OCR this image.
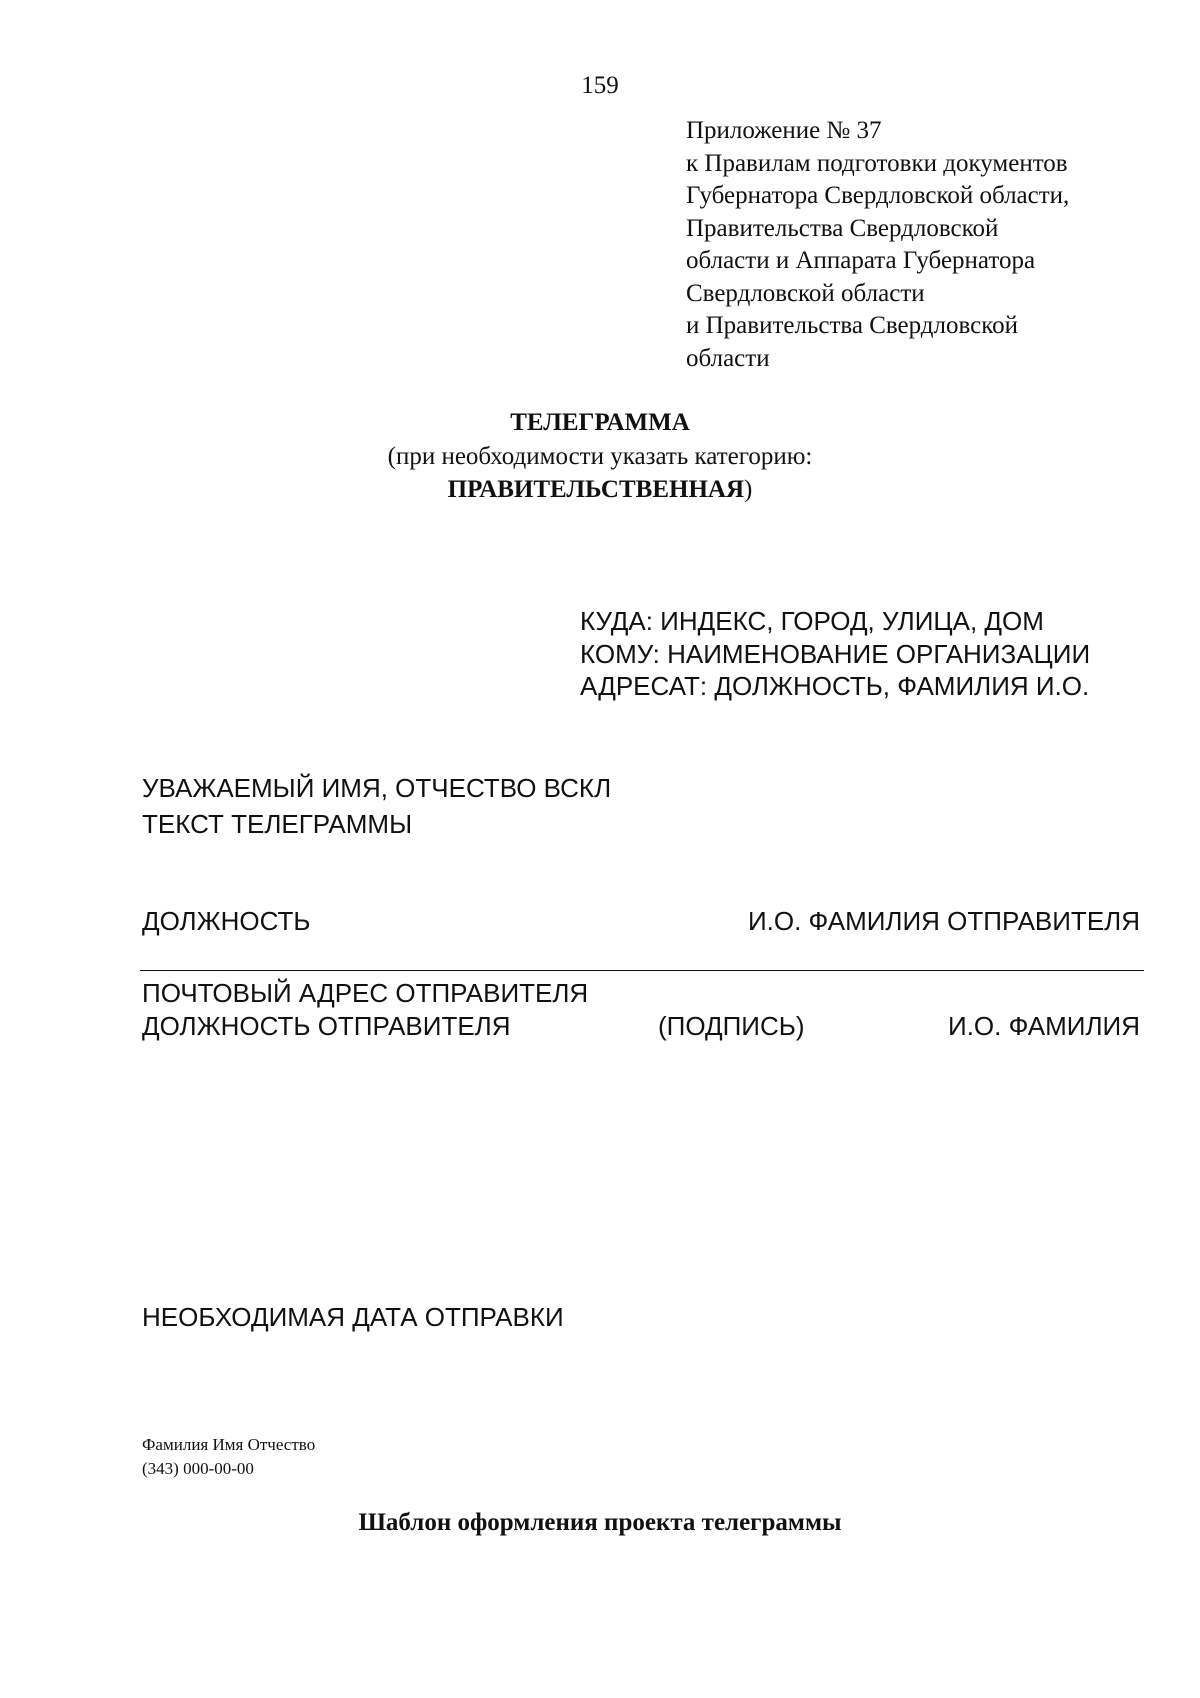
159
Приложение № 37
к Правилам подготовки документов
Губернатора Свердловской области,
Правительства Свердловской
области и Аппарата Губернатора
Свердловской области
и Правительства Свердловской
области
ТЕЛЕГРАММА
(при необходимости указать категорию:
ПРАВИТЕЛЬСТВЕННАЯ)
КУДА: ИНДЕКС, ГОРОД, УЛИЦА, ДОМ
КОМУ: НАИМЕНОВАНИЕ ОРГАНИЗАЦИИ
АДРЕСАТ: ДОЛЖНОСТЬ, ФАМИЛИЯ И.О.
УВАЖАЕМЫЙ ИМЯ, ОТЧЕСТВО ВСКЛ
ТЕКСТ ТЕЛЕГРАММЫ
ДОЛЖНОСТЬ	И.О. ФАМИЛИЯ ОТПРАВИТЕЛЯ
ПОЧТОВЫЙ АДРЕС ОТПРАВИТЕЛЯ
ДОЛЖНОСТЬ ОТПРАВИТЕЛЯ	(ПОДПИСЬ)	И.О. ФАМИЛИЯ
НЕОБХОДИМАЯ ДАТА ОТПРАВКИ
Фамилия Имя Отчество
(343) 000-00-00
Шаблон оформления проекта телеграммы
